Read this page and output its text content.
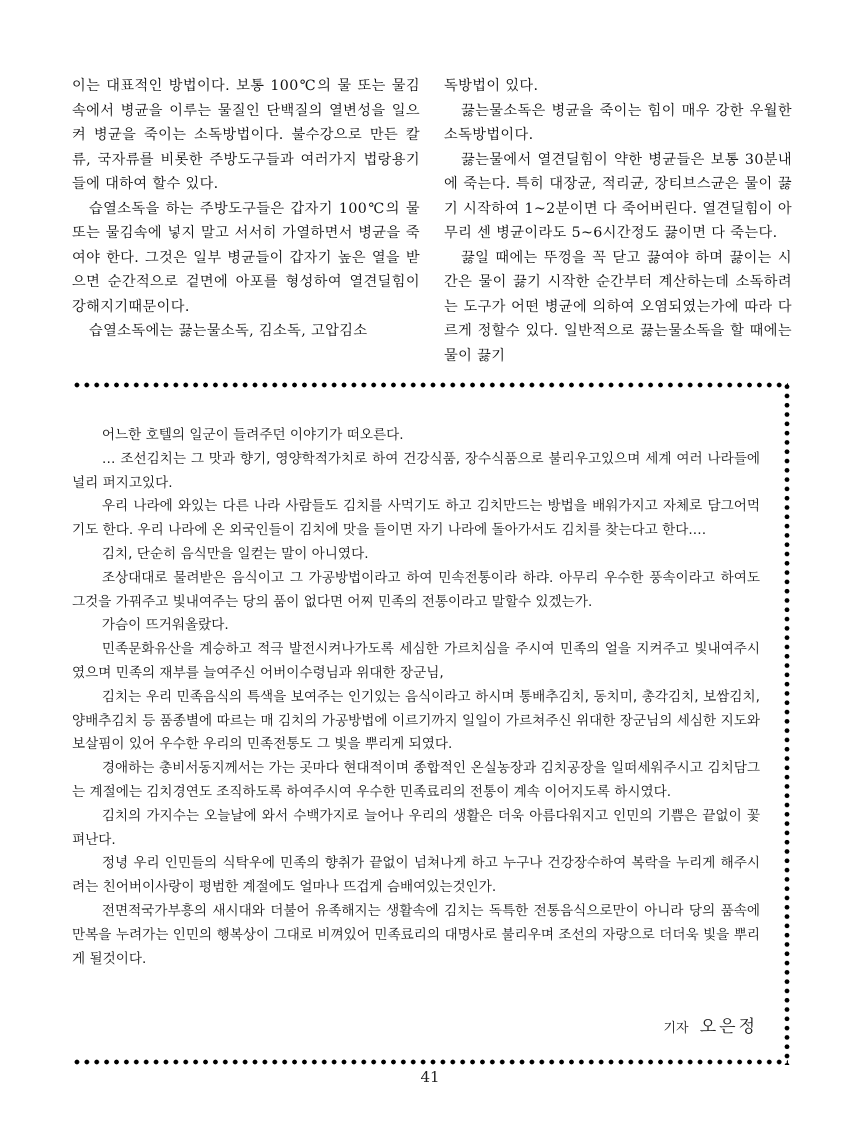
이는 대표적인 방법이다. 보통 100℃의 물 또는 물김속에서 병균을 이루는 물질인 단백질의 열변성을 일으켜 병균을 죽이는 소독방법이다. 불수강으로 만든 칼류, 국자류를 비롯한 주방도구들과 여러가지 법랑용기들에 대하여 할수 있다.

습열소독을 하는 주방도구들은 갑자기 100℃의 물 또는 물김속에 넣지 말고 서서히 가열하면서 병균을 죽여야 한다. 그것은 일부 병균들이 갑자기 높은 열을 받으면 순간적으로 겉면에 아포를 형성하여 열견딜힘이 강해지기때문이다.

습열소독에는 끓는물소독, 김소독, 고압김소

독방법이 있다.

끓는물소독은 병균을 죽이는 힘이 매우 강한 우월한 소독방법이다.

끓는물에서 열견딜힘이 약한 병균들은 보통 30분내에 죽는다. 특히 대장균, 적리균, 장티브스균은 물이 끓기 시작하여 1~2분이면 다 죽어버린다. 열견딜힘이 아무리 센 병균이라도 5~6시간정도 끓이면 다 죽는다.

끓일 때에는 뚜껑을 꼭 닫고 끓여야 하며 끓이는 시간은 물이 끓기 시작한 순간부터 계산하는데 소독하려는 도구가 어떤 병균에 의하여 오염되였는가에 따라 다르게 정할수 있다. 일반적으로 끓는물소독을 할 때에는 물이 끓기

어느한 호텔의 일군이 들려주던 이야기가 떠오른다.

… 조선김치는 그 맛과 향기, 영양학적가치로 하여 건강식품, 장수식품으로 불리우고있으며 세계 여러 나라들에 널리 퍼지고있다.

우리 나라에 와있는 다른 나라 사람들도 김치를 사먹기도 하고 김치만드는 방법을 배워가지고 자체로 담그어먹기도 한다. 우리 나라에 온 외국인들이 김치에 맛을 들이면 자기 나라에 돌아가서도 김치를 찾는다고 한다.…

김치, 단순히 음식만을 일컫는 말이 아니였다.

조상대대로 물려받은 음식이고 그 가공방법이라고 하여 민속전통이라 하랴. 아무리 우수한 풍속이라고 하여도 그것을 가꿔주고 빛내여주는 당의 품이 없다면 어찌 민족의 전통이라고 말할수 있겠는가.

가슴이 뜨거워올랐다.

민족문화유산을 계승하고 적극 발전시켜나가도록 세심한 가르치심을 주시여 민족의 얼을 지켜주고 빛내여주시였으며 민족의 재부를 늘여주신 어버이수령님과 위대한 장군님,

김치는 우리 민족음식의 특색을 보여주는 인기있는 음식이라고 하시며 통배추김치, 동치미, 총각김치, 보쌈김치, 양배추김치 등 품종별에 따르는 매 김치의 가공방법에 이르기까지 일일이 가르쳐주신 위대한 장군님의 세심한 지도와 보살핌이 있어 우수한 우리의 민족전통도 그 빛을 뿌리게 되였다.

경애하는 총비서동지께서는 가는 곳마다 현대적이며 종합적인 온실농장과 김치공장을 일떠세워주시고 김치담그는 계절에는 김치경연도 조직하도록 하여주시여 우수한 민족료리의 전통이 계속 이어지도록 하시였다.

김치의 가지수는 오늘날에 와서 수백가지로 늘어나 우리의 생활은 더욱 아름다워지고 인민의 기쁨은 끝없이 꽃펴난다.

정녕 우리 인민들의 식탁우에 민족의 향취가 끝없이 넘쳐나게 하고 누구나 건강장수하여 복락을 누리게 해주시려는 친어버이사랑이 평범한 계절에도 얼마나 뜨겁게 슴배여있는것인가.

전면적국가부흥의 새시대와 더불어 유족해지는 생활속에 김치는 독특한 전통음식으로만이 아니라 당의 품속에 만복을 누려가는 인민의 행복상이 그대로 비껴있어 민족료리의 대명사로 불리우며 조선의 자랑으로 더더욱 빛을 뿌리게 될것이다.

기자 오은정
41
